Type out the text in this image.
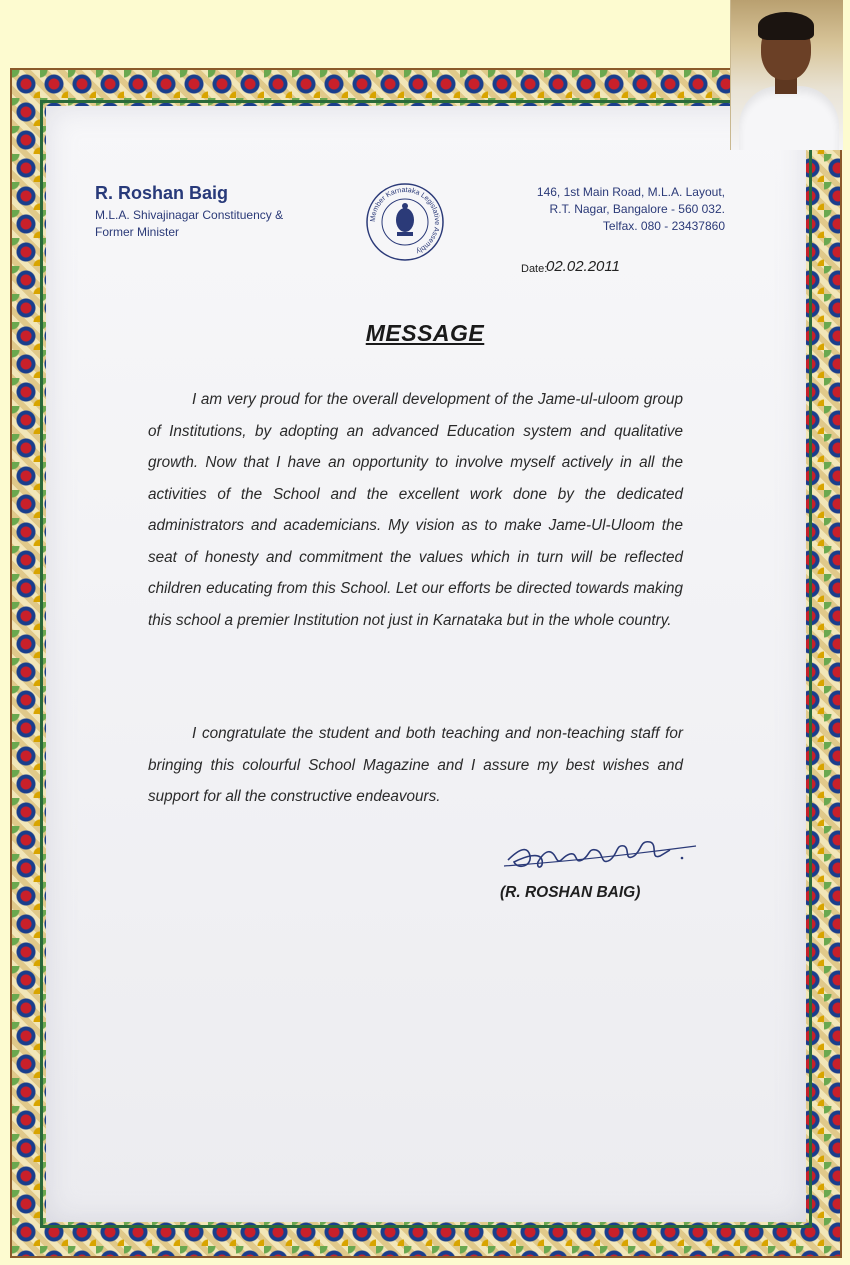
R. Roshan Baig
M.L.A. Shivajinagar Constituency &
Former Minister
Member Karnataka Legislative Assembly
146, 1st Main Road, M.L.A. Layout,
R.T. Nagar, Bangalore - 560 032.
Telfax. 080 - 23437860
Date:
02.02.2011
MESSAGE

I am very proud for the overall development of the Jame-ul-uloom group of Institutions, by adopting an advanced Education system and qualitative growth. Now that I have an opportunity to involve myself actively in all the activities of the School and the excellent work done by the dedicated administrators and academicians. My vision as to make Jame-Ul-Uloom the seat of honesty and commitment the values which in turn will be reflected children educating from this School. Let our efforts be directed towards making this school a premier Institution not just in Karnataka but in the whole country.

I congratulate the student and both teaching and non-teaching staff for bringing this colourful School Magazine and I assure my best wishes and support for all the constructive endeavours.

(R. ROSHAN BAIG)
